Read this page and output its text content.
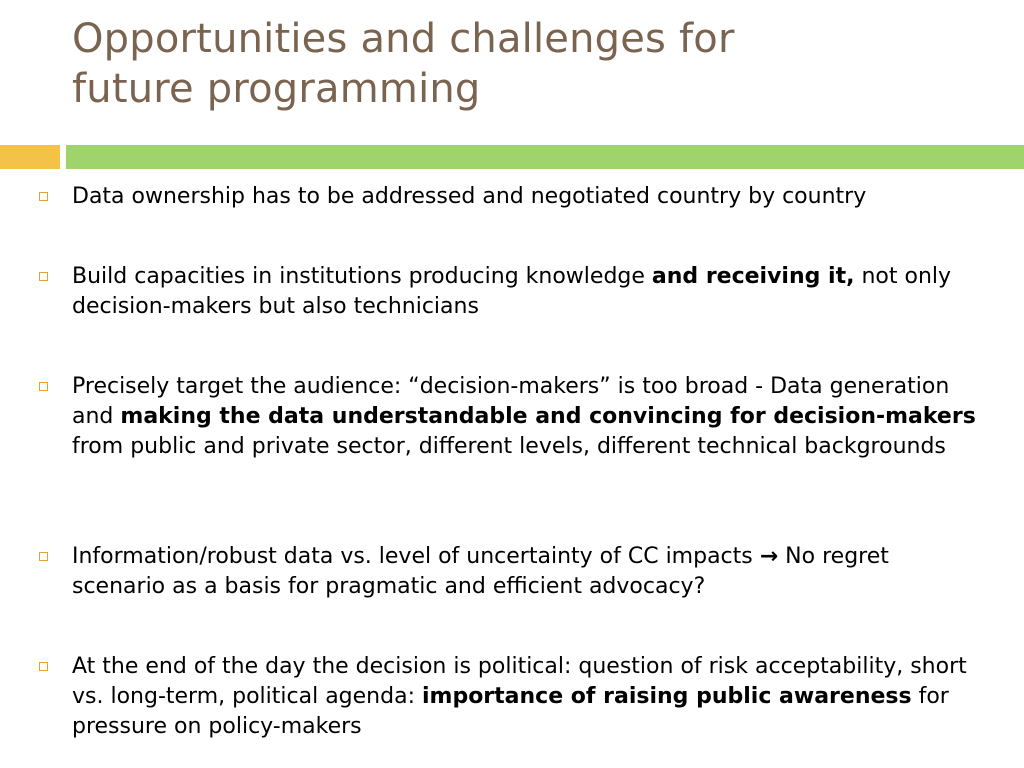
Opportunities and challenges for
future programming
Data ownership has to be addressed and negotiated country by country
Build capacities in institutions producing knowledge and receiving it, not only decision-makers but also technicians
Precisely target the audience: “decision-makers” is too broad - Data generation and making the data understandable and convincing for decision-makers from public and private sector, different levels, different technical backgrounds
Information/robust data vs. level of uncertainty of CC impacts → No regret scenario as a basis for pragmatic and efficient advocacy?
At the end of the day the decision is political: question of risk acceptability, short vs. long-term, political agenda: importance of raising public awareness for pressure on policy-makers
